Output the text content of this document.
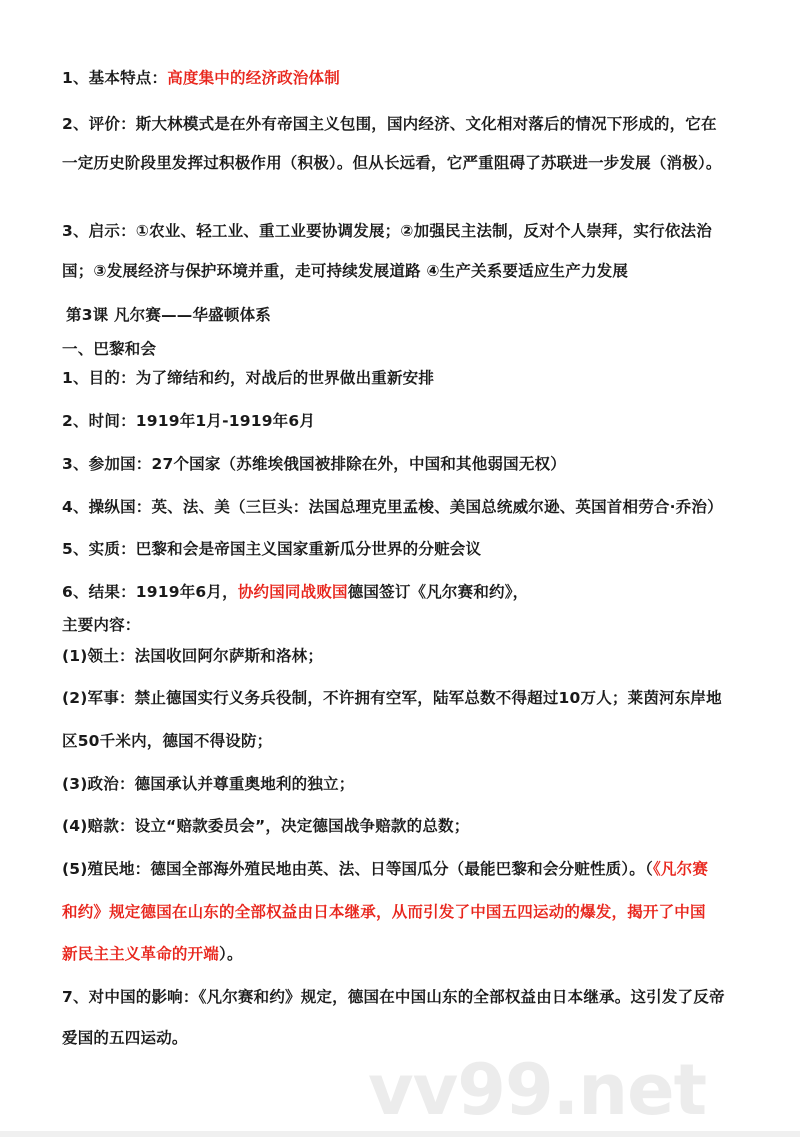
1、基本特点：高度集中的经济政治体制
2、评价：斯大林模式是在外有帝国主义包围，国内经济、文化相对落后的情况下形成的，它在
一定历史阶段里发挥过积极作用（积极）。但从长远看，它严重阻碍了苏联进一步发展（消极）。
3、启示：①农业、轻工业、重工业要协调发展；②加强民主法制，反对个人崇拜，实行依法治
国；③发展经济与保护环境并重，走可持续发展道路 ④生产关系要适应生产力发展
第3课 凡尔赛——华盛顿体系
一、巴黎和会
1、目的：为了缔结和约，对战后的世界做出重新安排
2、时间：1919年1月-1919年6月
3、参加国：27个国家（苏维埃俄国被排除在外，中国和其他弱国无权）
4、操纵国：英、法、美（三巨头：法国总理克里孟梭、美国总统威尔逊、英国首相劳合·乔治）
5、实质：巴黎和会是帝国主义国家重新瓜分世界的分赃会议
6、结果：1919年6月，协约国同战败国德国签订《凡尔赛和约》，
主要内容：
(1)领土：法国收回阿尔萨斯和洛林；
(2)军事：禁止德国实行义务兵役制，不许拥有空军，陆军总数不得超过10万人；莱茵河东岸地
区50千米内，德国不得设防；
(3)政治：德国承认并尊重奥地利的独立；
(4)赔款：设立“赔款委员会”，决定德国战争赔款的总数；
(5)殖民地：德国全部海外殖民地由英、法、日等国瓜分（最能巴黎和会分赃性质）。（《凡尔赛
和约》规定德国在山东的全部权益由日本继承，从而引发了中国五四运动的爆发，揭开了中国
新民主主义革命的开端）。
7、对中国的影响：《凡尔赛和约》规定，德国在中国山东的全部权益由日本继承。这引发了反帝
爱国的五四运动。
vv99.net
